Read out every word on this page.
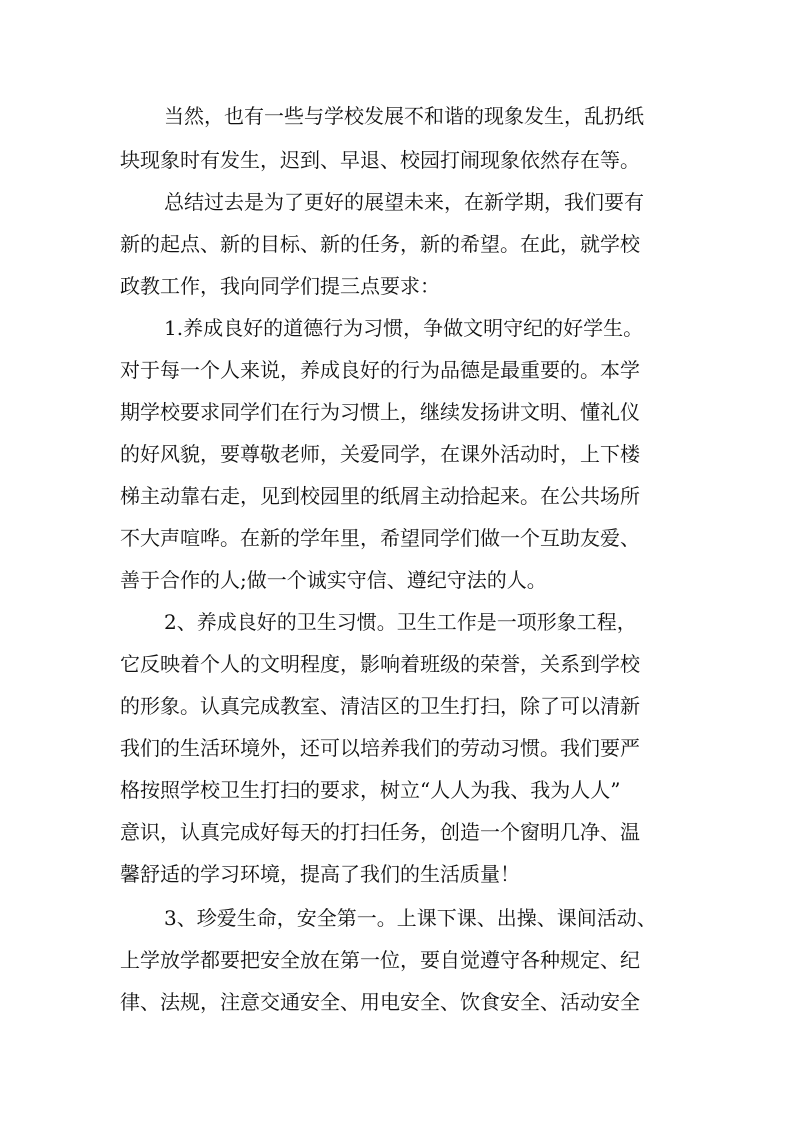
当然，也有一些与学校发展不和谐的现象发生，乱扔纸

块现象时有发生，迟到、早退、校园打闹现象依然存在等。

总结过去是为了更好的展望未来，在新学期，我们要有

新的起点、新的目标、新的任务，新的希望。在此，就学校

政教工作，我向同学们提三点要求：

1.养成良好的道德行为习惯，争做文明守纪的好学生。

对于每一个人来说，养成良好的行为品德是最重要的。本学

期学校要求同学们在行为习惯上，继续发扬讲文明、懂礼仪

的好风貌，要尊敬老师，关爱同学，在课外活动时，上下楼

梯主动靠右走，见到校园里的纸屑主动拾起来。在公共场所

不大声喧哗。在新的学年里，希望同学们做一个互助友爱、

善于合作的人;做一个诚实守信、遵纪守法的人。

2、养成良好的卫生习惯。卫生工作是一项形象工程，

它反映着个人的文明程度，影响着班级的荣誉，关系到学校

的形象。认真完成教室、清洁区的卫生打扫，除了可以清新

我们的生活环境外，还可以培养我们的劳动习惯。我们要严

格按照学校卫生打扫的要求，树立“人人为我、我为人人”

意识，认真完成好每天的打扫任务，创造一个窗明几净、温

馨舒适的学习环境，提高了我们的生活质量！

3、珍爱生命，安全第一。上课下课、出操、课间活动、

上学放学都要把安全放在第一位，要自觉遵守各种规定、纪

律、法规，注意交通安全、用电安全、饮食安全、活动安全
